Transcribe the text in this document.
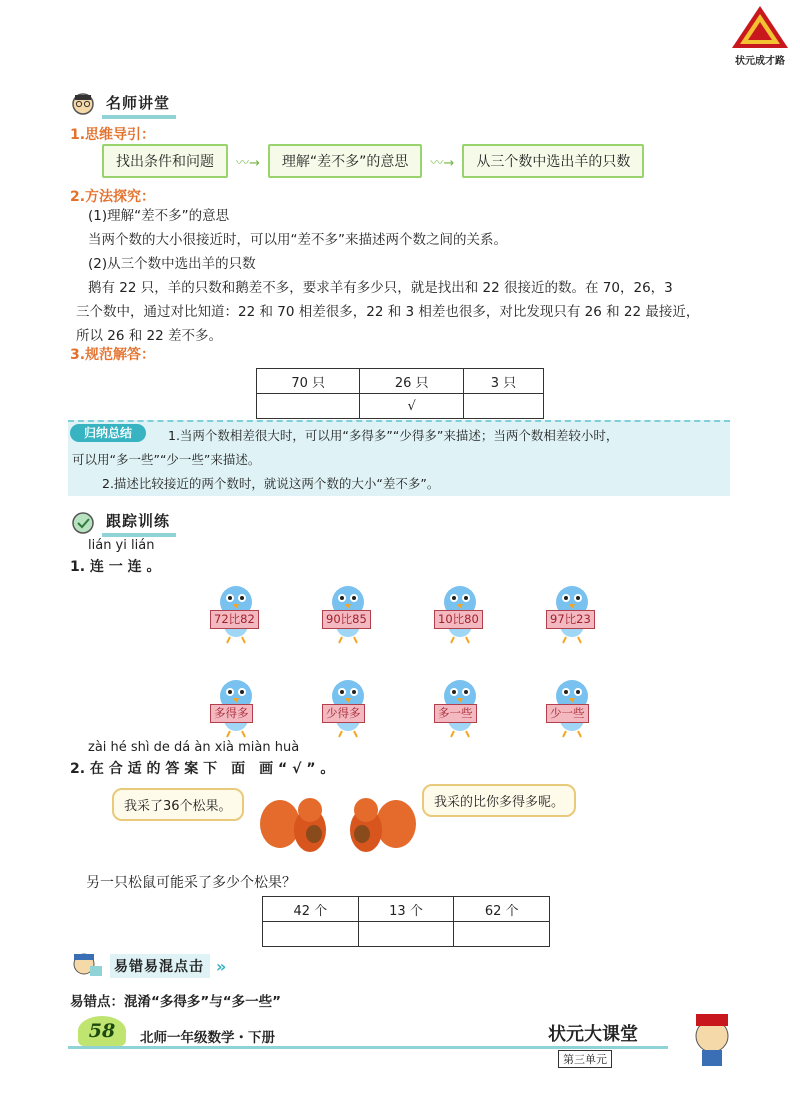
状元成才路
名师讲堂
1.思维导引：
找出条件和问题	〰→	理解“差不多”的意思	〰→	从三个数中选出羊的只数
2.方法探究：
(1)理解“差不多”的意思
当两个数的大小很接近时，可以用“差不多”来描述两个数之间的关系。
(2)从三个数中选出羊的只数
鹅有 22 只，羊的只数和鹅差不多，要求羊有多少只，就是找出和 22 很接近的数。在 70，26，3
三个数中，通过对比知道：22 和 70 相差很多，22 和 3 相差也很多，对比发现只有 26 和 22 最接近，
所以 26 和 22 差不多。
3.规范解答：
70 只	26 只	3 只
	√	
归纳总结	1.当两个数相差很大时，可以用“多得多”“少得多”来描述；当两个数相差较小时，
可以用“多一些”“少一些”来描述。
2.描述比较接近的两个数时，就说这两个数的大小“差不多”。
跟踪训练
lián yi lián
1. 连 一 连 。
72比82	90比85	10比80	97比23
多得多	少得多	多一些	少一些
zài hé shì de dá àn xià miàn huà
2. 在 合 适 的 答 案 下　面　画 “ √ ” 。
我采了36个松果。	我采的比你多得多呢。
另一只松鼠可能采了多少个松果？
42 个	13 个	62 个

易错易混点击 »
易错点：混淆“多得多”与“多一些”
58	北师一年级数学・下册	状元大课堂
第三单元
